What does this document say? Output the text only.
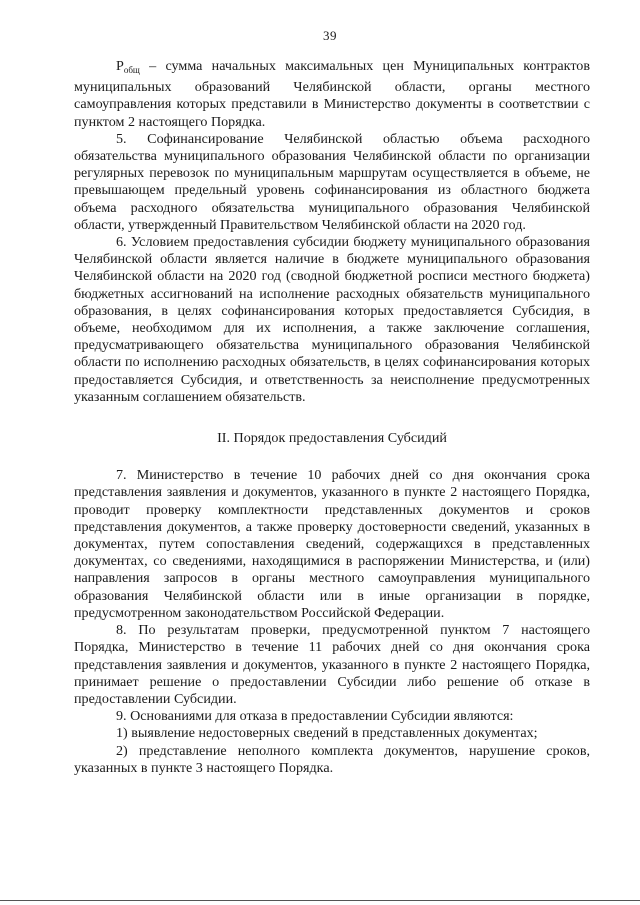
39

$P_{общ}$ – сумма начальных максимальных цен Муниципальных контрактов муниципальных образований Челябинской области, органы местного самоуправления которых представили в Министерство документы в соответствии с пунктом 2 настоящего Порядка.

5. Софинансирование Челябинской областью объема расходного обязательства муниципального образования Челябинской области по организации регулярных перевозок по муниципальным маршрутам осуществляется в объеме, не превышающем предельный уровень софинансирования из областного бюджета объема расходного обязательства муниципального образования Челябинской области, утвержденный Правительством Челябинской области на 2020 год.

6. Условием предоставления субсидии бюджету муниципального образования Челябинской области является наличие в бюджете муниципального образования Челябинской области на 2020 год (сводной бюджетной росписи местного бюджета) бюджетных ассигнований на исполнение расходных обязательств муниципального образования, в целях софинансирования которых предоставляется Субсидия, в объеме, необходимом для их исполнения, а также заключение соглашения, предусматривающего обязательства муниципального образования Челябинской области по исполнению расходных обязательств, в целях софинансирования которых предоставляется Субсидия, и ответственность за неисполнение предусмотренных указанным соглашением обязательств.

II. Порядок предоставления Субсидий

7. Министерство в течение 10 рабочих дней со дня окончания срока представления заявления и документов, указанного в пункте 2 настоящего Порядка, проводит проверку комплектности представленных документов и сроков представления документов, а также проверку достоверности сведений, указанных в документах, путем сопоставления сведений, содержащихся в представленных документах, со сведениями, находящимися в распоряжении Министерства, и (или) направления запросов в органы местного самоуправления муниципального образования Челябинской области или в иные организации в порядке, предусмотренном законодательством Российской Федерации.

8. По результатам проверки, предусмотренной пунктом 7 настоящего Порядка, Министерство в течение 11 рабочих дней со дня окончания срока представления заявления и документов, указанного в пункте 2 настоящего Порядка, принимает решение о предоставлении Субсидии либо решение об отказе в предоставлении Субсидии.

9. Основаниями для отказа в предоставлении Субсидии являются:

1) выявление недостоверных сведений в представленных документах;

2) представление неполного комплекта документов, нарушение сроков, указанных в пункте 3 настоящего Порядка.
